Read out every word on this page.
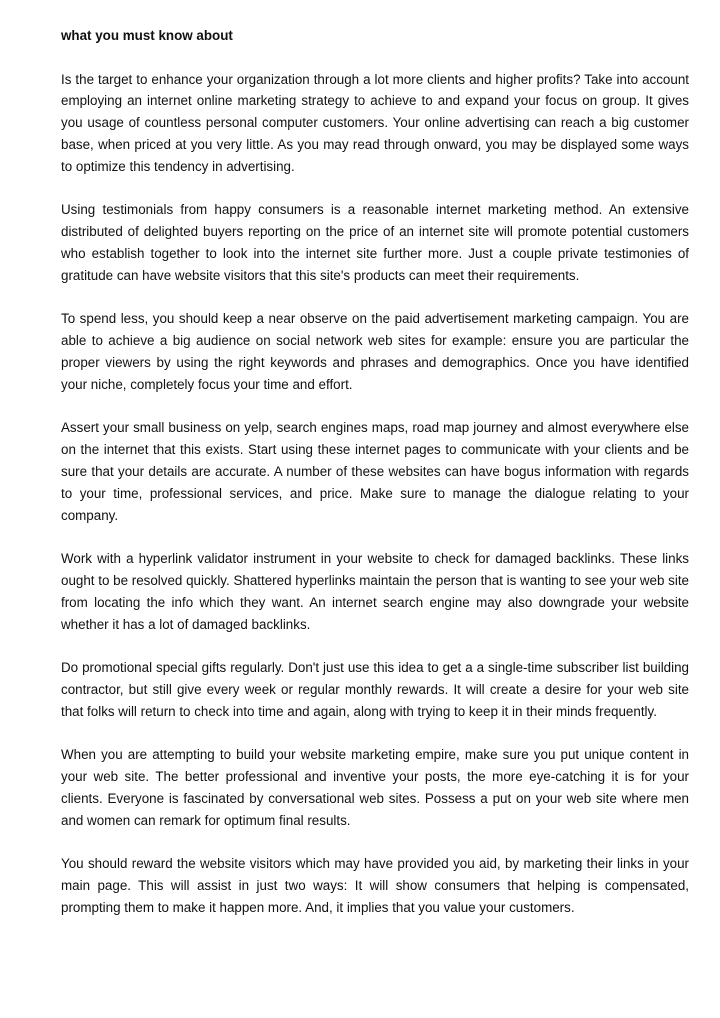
what you must know about

Is the target to enhance your organization through a lot more clients and higher profits? Take into account employing an internet online marketing strategy to achieve to and expand your focus on group. It gives you usage of countless personal computer customers. Your online advertising can reach a big customer base, when priced at you very little. As you may read through onward, you may be displayed some ways to optimize this tendency in advertising.

Using testimonials from happy consumers is a reasonable internet marketing method. An extensive distributed of delighted buyers reporting on the price of an internet site will promote potential customers who establish together to look into the internet site further more. Just a couple private testimonies of gratitude can have website visitors that this site's products can meet their requirements.

To spend less, you should keep a near observe on the paid advertisement marketing campaign. You are able to achieve a big audience on social network web sites for example: ensure you are particular the proper viewers by using the right keywords and phrases and demographics. Once you have identified your niche, completely focus your time and effort.

Assert your small business on yelp, search engines maps, road map journey and almost everywhere else on the internet that this exists. Start using these internet pages to communicate with your clients and be sure that your details are accurate. A number of these websites can have bogus information with regards to your time, professional services, and price. Make sure to manage the dialogue relating to your company.

Work with a hyperlink validator instrument in your website to check for damaged backlinks. These links ought to be resolved quickly. Shattered hyperlinks maintain the person that is wanting to see your web site from locating the info which they want. An internet search engine may also downgrade your website whether it has a lot of damaged backlinks.

Do promotional special gifts regularly. Don't just use this idea to get a a single-time subscriber list building contractor, but still give every week or regular monthly rewards. It will create a desire for your web site that folks will return to check into time and again, along with trying to keep it in their minds frequently.

When you are attempting to build your website marketing empire, make sure you put unique content in your web site. The better professional and inventive your posts, the more eye-catching it is for your clients. Everyone is fascinated by conversational web sites. Possess a put on your web site where men and women can remark for optimum final results.

You should reward the website visitors which may have provided you aid, by marketing their links in your main page. This will assist in just two ways: It will show consumers that helping is compensated, prompting them to make it happen more. And, it implies that you value your customers.
